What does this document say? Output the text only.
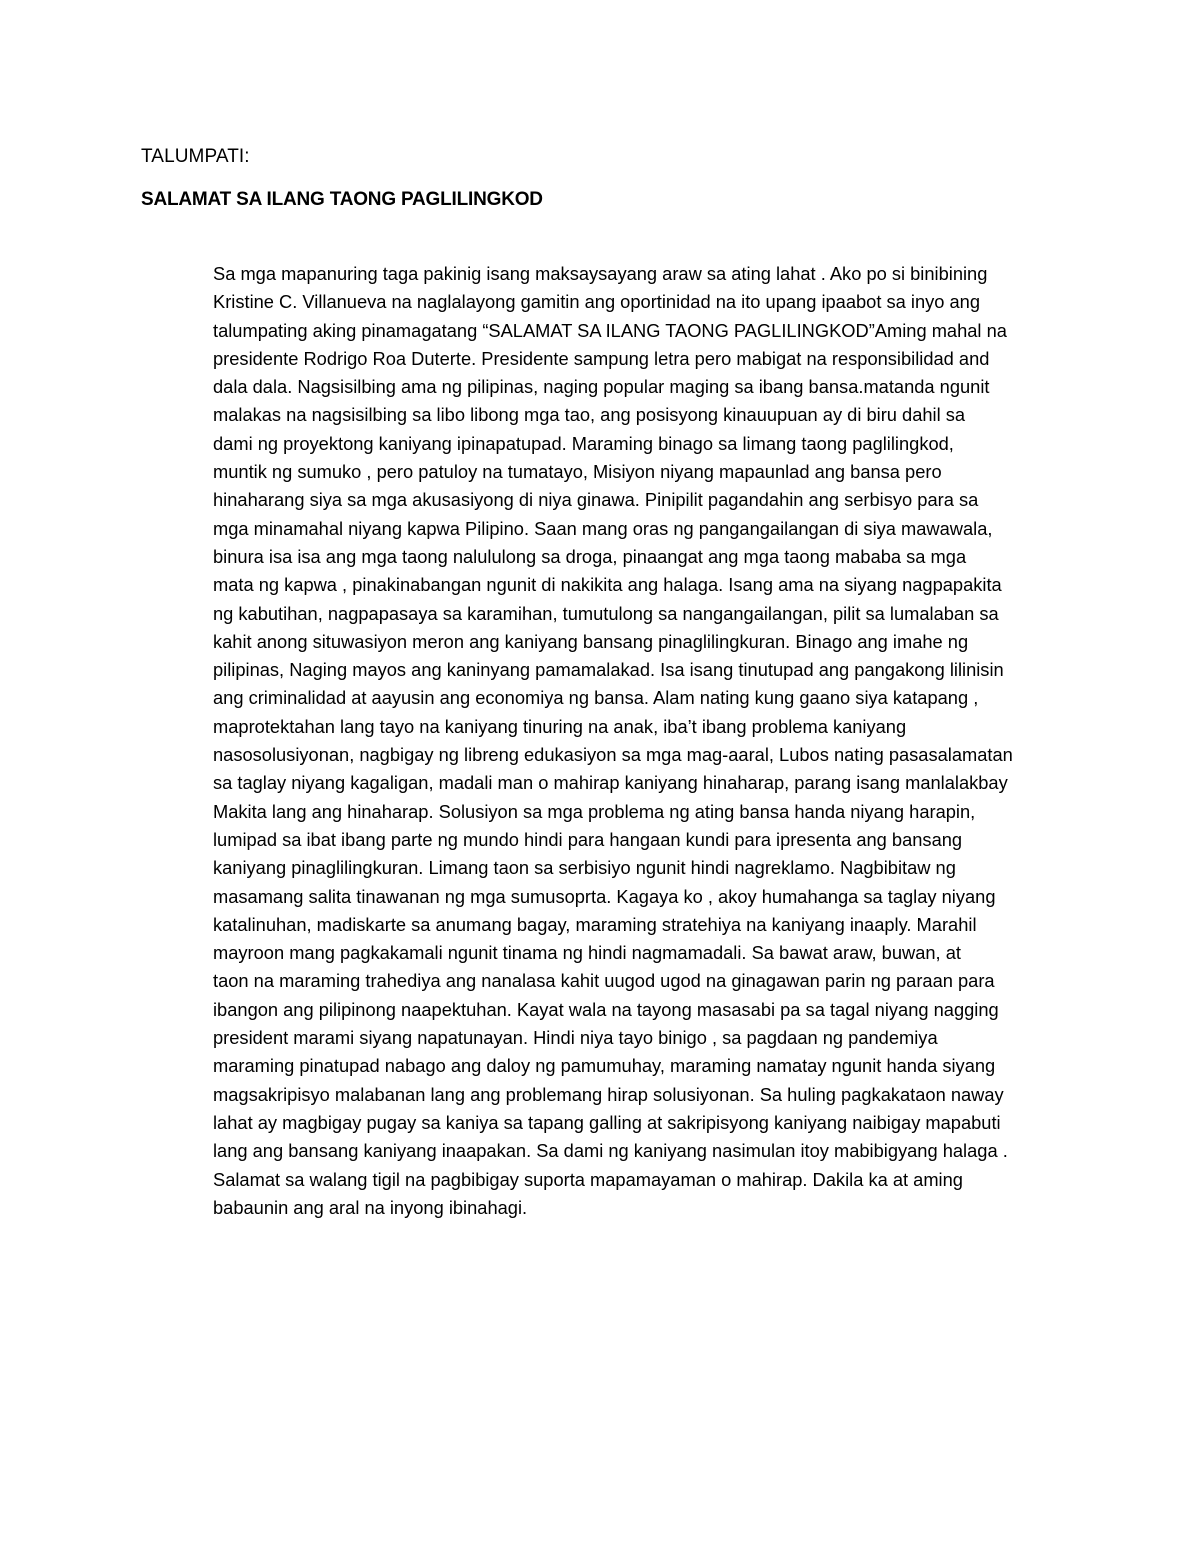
TALUMPATI:
SALAMAT SA ILANG TAONG PAGLILINGKOD
Sa mga mapanuring taga pakinig isang maksaysayang araw sa ating lahat . Ako po si binibining
Kristine C. Villanueva na naglalayong gamitin ang oportinidad na ito upang ipaabot sa inyo ang
talumpating aking pinamagatang “SALAMAT SA ILANG TAONG PAGLILINGKOD”Aming mahal na
presidente Rodrigo Roa Duterte. Presidente sampung letra pero mabigat na responsibilidad and
dala dala. Nagsisilbing ama ng pilipinas, naging popular maging sa ibang bansa.matanda ngunit
malakas na nagsisilbing sa libo libong mga tao, ang posisyong kinauupuan ay di biru dahil sa
dami ng proyektong kaniyang ipinapatupad. Maraming binago sa limang taong paglilingkod,
muntik ng sumuko , pero patuloy na tumatayo, Misiyon niyang mapaunlad ang bansa pero
hinaharang siya sa mga akusasiyong di niya ginawa. Pinipilit pagandahin ang serbisyo para sa
mga minamahal niyang kapwa Pilipino. Saan mang oras ng pangangailangan di siya mawawala,
binura isa isa ang mga taong nalululong sa droga, pinaangat ang mga taong mababa sa mga
mata ng kapwa , pinakinabangan ngunit di nakikita ang halaga. Isang ama na siyang nagpapakita
ng kabutihan, nagpapasaya sa karamihan, tumutulong sa nangangailangan, pilit sa lumalaban sa
kahit anong situwasiyon meron ang kaniyang bansang pinaglilingkuran. Binago ang imahe ng
pilipinas, Naging mayos ang kaninyang pamamalakad. Isa isang tinutupad ang pangakong lilinisin
ang criminalidad at aayusin ang economiya ng bansa. Alam nating kung gaano siya katapang ,
maprotektahan lang tayo na kaniyang tinuring na anak, iba’t ibang problema kaniyang
nasosolusiyonan, nagbigay ng libreng edukasiyon sa mga mag-aaral, Lubos nating pasasalamatan
sa taglay niyang kagaligan, madali man o mahirap kaniyang hinaharap, parang isang manlalakbay
Makita lang ang hinaharap. Solusiyon sa mga problema ng ating bansa handa niyang harapin,
lumipad sa ibat ibang parte ng mundo hindi para hangaan kundi para ipresenta ang bansang
kaniyang pinaglilingkuran. Limang taon sa serbisiyo ngunit hindi nagreklamo. Nagbibitaw ng
masamang salita tinawanan ng mga sumusoprta. Kagaya ko , akoy humahanga sa taglay niyang
katalinuhan, madiskarte sa anumang bagay, maraming stratehiya na kaniyang inaaply. Marahil
mayroon mang pagkakamali ngunit tinama ng hindi nagmamadali. Sa bawat araw, buwan, at
taon na maraming trahediya ang nanalasa kahit uugod ugod na ginagawan parin ng paraan para
ibangon ang pilipinong naapektuhan. Kayat wala na tayong masasabi pa sa tagal niyang nagging
president marami siyang napatunayan. Hindi niya tayo binigo , sa pagdaan ng pandemiya
maraming pinatupad nabago ang daloy ng pamumuhay, maraming namatay ngunit handa siyang
magsakripisyo malabanan lang ang problemang hirap solusiyonan. Sa huling pagkakataon naway
lahat ay magbigay pugay sa kaniya sa tapang galling at sakripisyong kaniyang naibigay mapabuti
lang ang bansang kaniyang inaapakan. Sa dami ng kaniyang nasimulan itoy mabibigyang halaga .
Salamat sa walang tigil na pagbibigay suporta mapamayaman o mahirap. Dakila ka at aming
babaunin ang aral na inyong ibinahagi.
